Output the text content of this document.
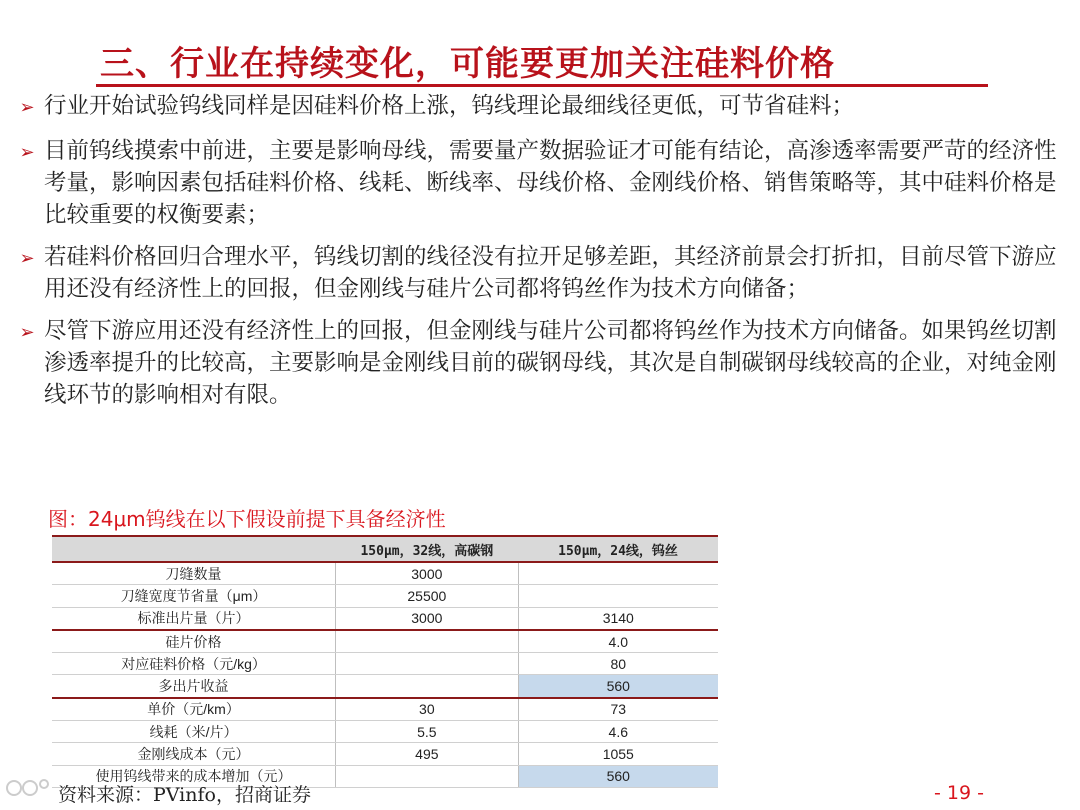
三、行业在持续变化，可能要更加关注硅料价格
➢ 行业开始试验钨线同样是因硅料价格上涨，钨线理论最细线径更低，可节省硅料；
➢ 目前钨线摸索中前进，主要是影响母线，需要量产数据验证才可能有结论，高渗透率需要严苛的经济性考量，影响因素包括硅料价格、线耗、断线率、母线价格、金刚线价格、销售策略等，其中硅料价格是比较重要的权衡要素；
➢ 若硅料价格回归合理水平，钨线切割的线径没有拉开足够差距，其经济前景会打折扣，目前尽管下游应用还没有经济性上的回报，但金刚线与硅片公司都将钨丝作为技术方向储备；
➢ 尽管下游应用还没有经济性上的回报，但金刚线与硅片公司都将钨丝作为技术方向储备。如果钨丝切割渗透率提升的比较高，主要影响是金刚线目前的碳钢母线，其次是自制碳钢母线较高的企业，对纯金刚线环节的影响相对有限。
图：24μm钨线在以下假设前提下具备经济性
	150μm，32线，高碳钢	150μm，24线，钨丝
刀缝数量	3000	
刀缝宽度节省量（μm）	25500	
标准出片量（片）	3000	3140
硅片价格		4.0
对应硅料价格（元/kg）		80
多出片收益		560
单价（元/km）	30	73
线耗（米/片）	5.5	4.6
金刚线成本（元）	495	1055
使用钨线带来的成本增加（元）		560
资料来源：PVinfo，招商证券	- 19 -
